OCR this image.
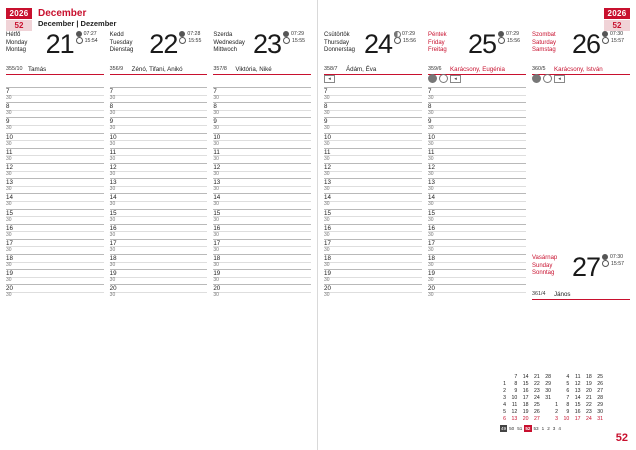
2026
52
December
December | Dezember
Hétfő
Monday
Montag 21 07:27
15:54
355/10 Tamás
7
30
8
30
9
30
10
30
11
30
12
30
13
30
14
30
15
30
16
30
17
30
18
30
19
30
20
30
Kedd
Tuesday
Dienstag 22 07:28
15:55
356/9 Zénó, Tifani, Anikó
7
30
8
30
9
30
10
30
11
30
12
30
13
30
14
30
15
30
16
30
17
30
18
30
19
30
20
30
Szerda
Wednesday
Mittwoch 23 07:29
15:55
357/8 Viktória, Niké
7
30
8
30
9
30
10
30
11
30
12
30
13
30
14
30
15
30
16
30
17
30
18
30
19
30
20
30
2026
52
Csütörtök
Thursday
Donnerstag 24 07:29
15:56
358/7 Ádám, Éva
◂
7
30
8
30
9
30
10
30
11
30
12
30
13
30
14
30
15
30
16
30
17
30
18
30
19
30
20
30
Péntek
Friday
Freitag 25 07:29
15:56
359/6 Karácsony, Eugénia
◂
7
30
8
30
9
30
10
30
11
30
12
30
13
30
14
30
15
30
16
30
17
30
18
30
19
30
20
30
Szombat
Saturday
Samstag 26 07:30
15:57
360/5 Karácsony, István
◂
Vasárnap
Sunday
Sonntag 27 07:30
15:57
361/4 János
	7	14	21	28		4	11	18	25
1	8	15	22	29		5	12	19	26
2	9	16	23	30		6	13	20	27
3	10	17	24	31		7	14	21	28
4	11	18	25		1	8	15	22	29
5	12	19	26		2	9	16	23	30
6	13	20	27		3	10	17	24	31
49 50 51 52 53 1 2 3 4
52
